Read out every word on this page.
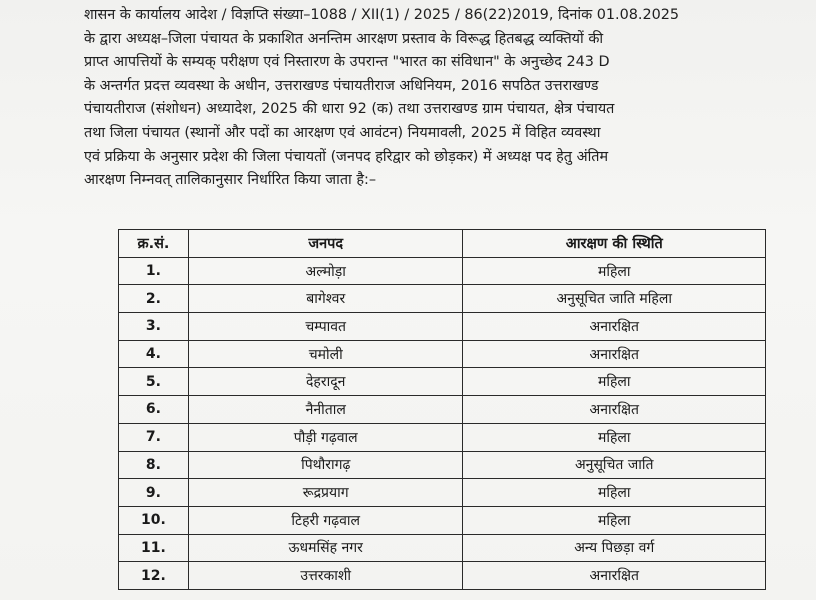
शासन के कार्यालय आदेश / विज्ञप्ति संख्या–1088 / XII(1) / 2025 / 86(22)2019, दिनांक 01.08.2025
के द्वारा अध्यक्ष–जिला पंचायत के प्रकाशित अनन्तिम आरक्षण प्रस्ताव के विरूद्ध हितबद्ध व्यक्तियों की
प्राप्त आपत्तियों के सम्यक् परीक्षण एवं निस्तारण के उपरान्त "भारत का संविधान" के अनुच्छेद 243 D
के अन्तर्गत प्रदत्त व्यवस्था के अधीन, उत्तराखण्ड पंचायतीराज अधिनियम, 2016 सपठित उत्तराखण्ड
पंचायतीराज (संशोधन) अध्यादेश, 2025 की धारा 92 (क) तथा उत्तराखण्ड ग्राम पंचायत, क्षेत्र पंचायत
तथा जिला पंचायत (स्थानों और पदों का आरक्षण एवं आवंटन) नियमावली, 2025 में विहित व्यवस्था
एवं प्रक्रिया के अनुसार प्रदेश की जिला पंचायतों (जनपद हरिद्वार को छोड़कर) में अध्यक्ष पद हेतु अंतिम
आरक्षण निम्नवत् तालिकानुसार निर्धारित किया जाता है:–
क्र.सं.	जनपद	आरक्षण की स्थिति
1.	अल्मोड़ा	महिला
2.	बागेश्वर	अनुसूचित जाति महिला
3.	चम्पावत	अनारक्षित
4.	चमोली	अनारक्षित
5.	देहरादून	महिला
6.	नैनीताल	अनारक्षित
7.	पौड़ी गढ़वाल	महिला
8.	पिथौरागढ़	अनुसूचित जाति
9.	रूद्रप्रयाग	महिला
10.	टिहरी गढ़वाल	महिला
11.	ऊधमसिंह नगर	अन्य पिछड़ा वर्ग
12.	उत्तरकाशी	अनारक्षित
